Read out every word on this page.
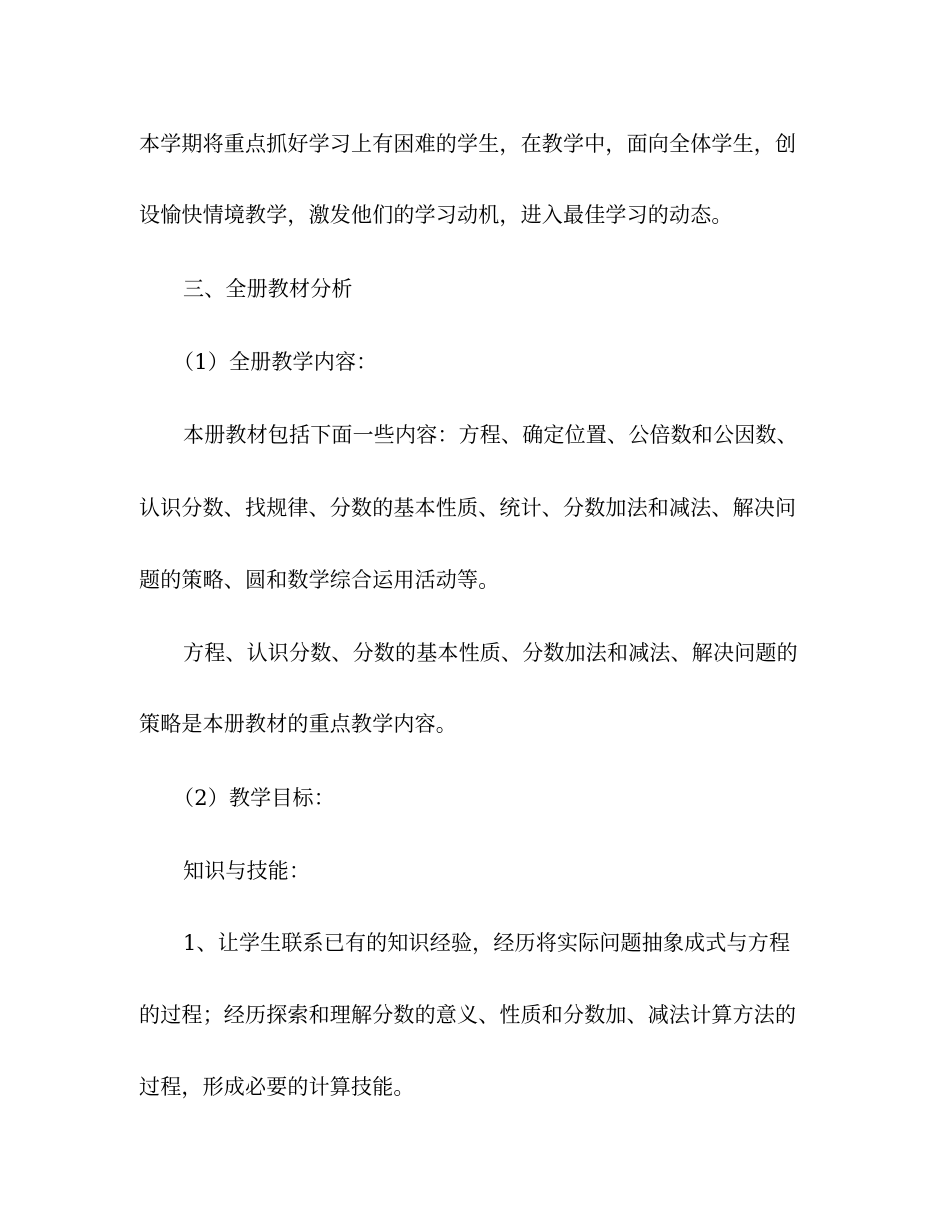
本学期将重点抓好学习上有困难的学生，在教学中，面向全体学生，创
设愉快情境教学，激发他们的学习动机，进入最佳学习的动态。
三、全册教材分析
（1）全册教学内容：
本册教材包括下面一些内容：方程、确定位置、公倍数和公因数、
认识分数、找规律、分数的基本性质、统计、分数加法和减法、解决问
题的策略、圆和数学综合运用活动等。
方程、认识分数、分数的基本性质、分数加法和减法、解决问题的
策略是本册教材的重点教学内容。
（2）教学目标：
知识与技能：
1、让学生联系已有的知识经验，经历将实际问题抽象成式与方程
的过程；经历探索和理解分数的意义、性质和分数加、减法计算方法的
过程，形成必要的计算技能。
